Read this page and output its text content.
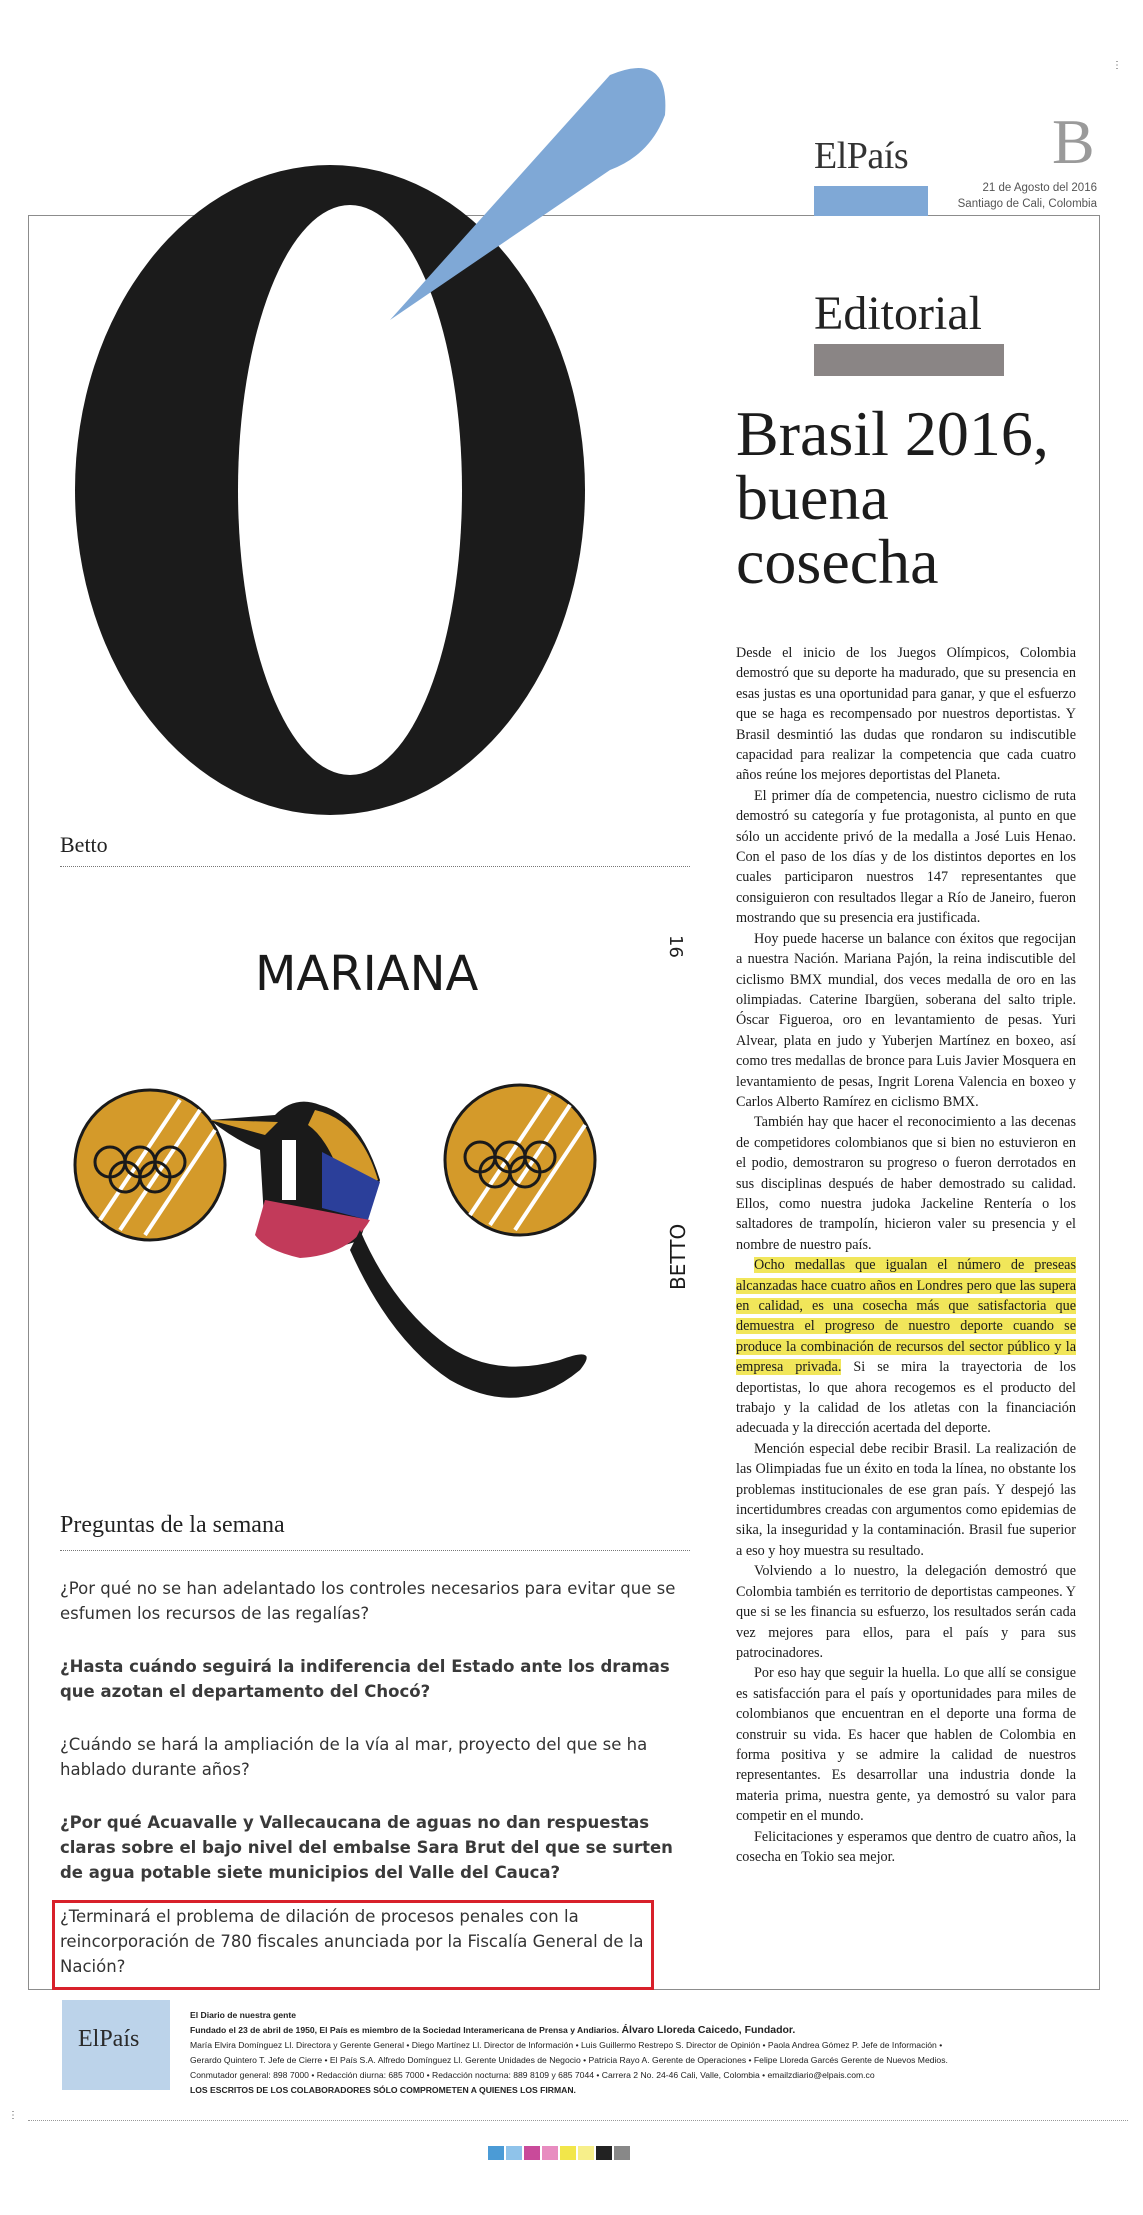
ElPaís B
21 de Agosto del 2016
Santiago de Cali, Colombia
Editorial
Brasil 2016,
buena
cosecha

Desde el inicio de los Juegos Olímpicos, Colombia demostró que su deporte ha madurado, que su presencia en esas justas es una oportunidad para ganar, y que el esfuerzo que se haga es recompensado por nuestros deportistas. Y Brasil desmintió las dudas que rondaron su indiscutible capacidad para realizar la competencia que cada cuatro años reúne los mejores deportistas del Planeta.

El primer día de competencia, nuestro ciclismo de ruta demostró su categoría y fue protagonista, al punto en que sólo un accidente privó de la medalla a José Luis Henao. Con el paso de los días y de los distintos deportes en los cuales participaron nuestros 147 representantes que consiguieron con resultados llegar a Río de Janeiro, fueron mostrando que su presencia era justificada.

Hoy puede hacerse un balance con éxitos que regocijan a nuestra Nación. Mariana Pajón, la reina indiscutible del ciclismo BMX mundial, dos veces medalla de oro en las olimpiadas. Caterine Ibargüen, soberana del salto triple. Óscar Figueroa, oro en levantamiento de pesas. Yuri Alvear, plata en judo y Yuberjen Martínez en boxeo, así como tres medallas de bronce para Luis Javier Mosquera en levantamiento de pesas, Ingrit Lorena Valencia en boxeo y Carlos Alberto Ramírez en ciclismo BMX.

También hay que hacer el reconocimiento a las decenas de competidores colombianos que si bien no estuvieron en el podio, demostraron su progreso o fueron derrotados en sus disciplinas después de haber demostrado su calidad. Ellos, como nuestra judoka Jackeline Rentería o los saltadores de trampolín, hicieron valer su presencia y el nombre de nuestro país.

Ocho medallas que igualan el número de preseas alcanzadas hace cuatro años en Londres pero que las supera en calidad, es una cosecha más que satisfactoria que demuestra el progreso de nuestro deporte cuando se produce la combinación de recursos del sector público y la empresa privada. Si se mira la trayectoria de los deportistas, lo que ahora recogemos es el producto del trabajo y la calidad de los atletas con la financiación adecuada y la dirección acertada del deporte.

Mención especial debe recibir Brasil. La realización de las Olimpiadas fue un éxito en toda la línea, no obstante los problemas institucionales de ese gran país. Y despejó las incertidumbres creadas con argumentos como epidemias de sika, la inseguridad y la contaminación. Brasil fue superior a eso y hoy muestra su resultado.

Volviendo a lo nuestro, la delegación demostró que Colombia también es territorio de deportistas campeones. Y que si se les financia su esfuerzo, los resultados serán cada vez mejores para ellos, para el país y para sus patrocinadores.

Por eso hay que seguir la huella. Lo que allí se consigue es satisfacción para el país y oportunidades para miles de colombianos que encuentran en el deporte una forma de construir su vida. Es hacer que hablen de Colombia en forma positiva y se admire la calidad de nuestros representantes. Es desarrollar una industria donde la materia prima, nuestra gente, ya demostró su valor para competir en el mundo.

Felicitaciones y esperamos que dentro de cuatro años, la cosecha en Tokio sea mejor.

Betto
MARIANA	16
BETTO
Preguntas de la semana
¿Por qué no se han adelantado los controles necesarios para evitar que se esfumen los recursos de las regalías?
¿Hasta cuándo seguirá la indiferencia del Estado ante los dramas que azotan el departamento del Chocó?
¿Cuándo se hará la ampliación de la vía al mar, proyecto del que se ha hablado durante años?
¿Por qué Acuavalle y Vallecaucana de aguas no dan respuestas claras sobre el bajo nivel del embalse Sara Brut del que se surten de agua potable siete municipios del Valle del Cauca?
¿Terminará el problema de dilación de procesos penales con la reincorporación de 780 fiscales anunciada por la Fiscalía General de la Nación?
ElPaís
El Diario de nuestra gente
Fundado el 23 de abril de 1950, El País es miembro de la Sociedad Interamericana de Prensa y Andiarios. Álvaro Lloreda Caicedo, Fundador.
María Elvira Domínguez Ll. Directora y Gerente General • Diego Martínez Ll. Director de Información • Luis Guillermo Restrepo S. Director de Opinión • Paola Andrea Gómez P. Jefe de Información •
Gerardo Quintero T. Jefe de Cierre • El País S.A. Alfredo Domínguez Ll. Gerente Unidades de Negocio • Patricia Rayo A. Gerente de Operaciones • Felipe Lloreda Garcés Gerente de Nuevos Medios.
Conmutador general: 898 7000 • Redacción diurna: 685 7000 • Redacción nocturna: 889 8109 y 685 7044 • Carrera 2 No. 24-46 Cali, Valle, Colombia • emailzdiario@elpais.com.co
LOS ESCRITOS DE LOS COLABORADORES SÓLO COMPROMETEN A QUIENES LOS FIRMAN.
⋮
⋮
